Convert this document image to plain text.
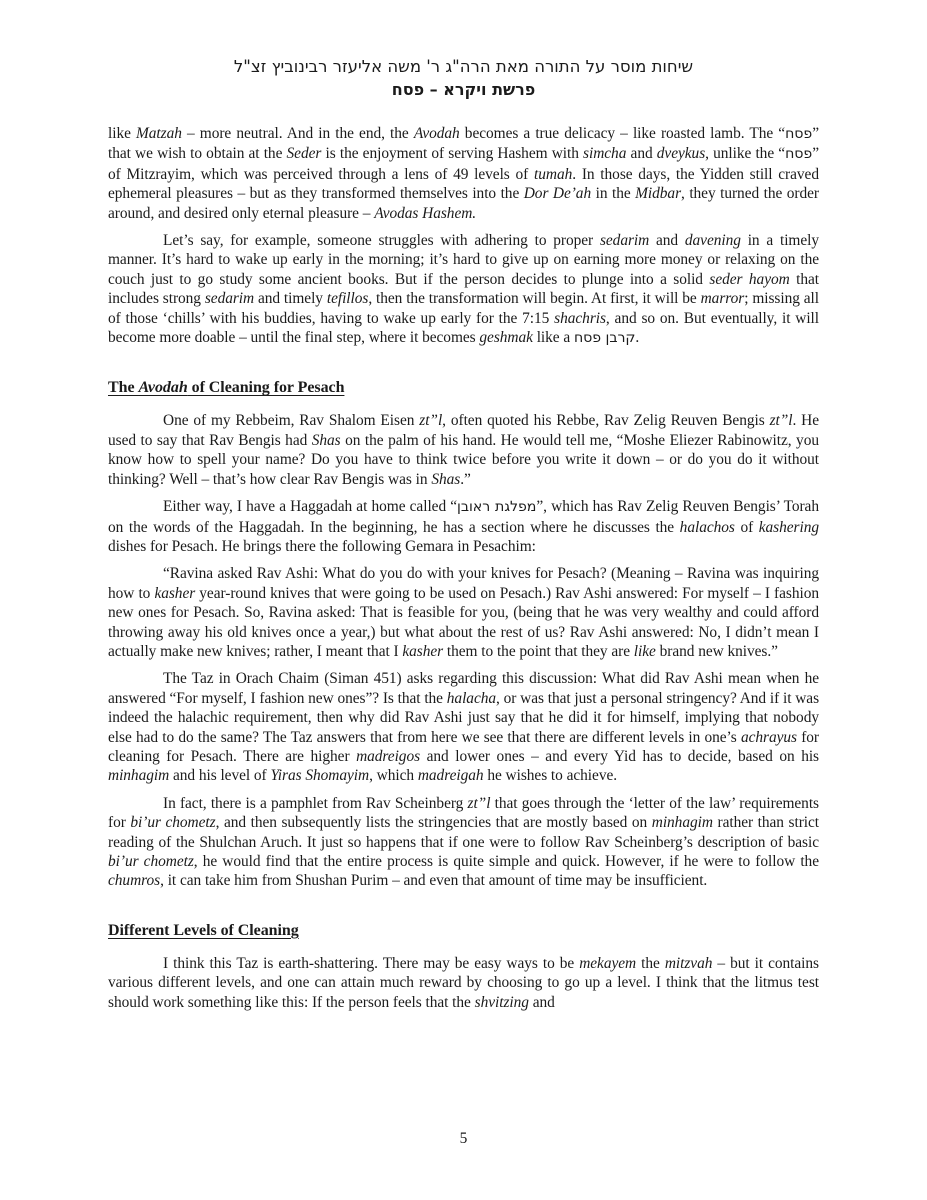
שיחות מוסר על התורה מאת הרה"ג ר' משה אליעזר רבינוביץ זצ"ל
פרשת ויקרא – פסח

like Matzah – more neutral. And in the end, the Avodah becomes a true delicacy – like roasted lamb. The “פסח” that we wish to obtain at the Seder is the enjoyment of serving Hashem with simcha and dveykus, unlike the “פסח” of Mitzrayim, which was perceived through a lens of 49 levels of tumah. In those days, the Yidden still craved ephemeral pleasures – but as they transformed themselves into the Dor De’ah in the Midbar, they turned the order around, and desired only eternal pleasure – Avodas Hashem.

Let’s say, for example, someone struggles with adhering to proper sedarim and davening in a timely manner. It’s hard to wake up early in the morning; it’s hard to give up on earning more money or relaxing on the couch just to go study some ancient books. But if the person decides to plunge into a solid seder hayom that includes strong sedarim and timely tefillos, then the transformation will begin. At first, it will be marror; missing all of those ‘chills’ with his buddies, having to wake up early for the 7:15 shachris, and so on. But eventually, it will become more doable – until the final step, where it becomes geshmak like a קרבן פסח.

The Avodah of Cleaning for Pesach

One of my Rebbeim, Rav Shalom Eisen zt”l, often quoted his Rebbe, Rav Zelig Reuven Bengis zt”l. He used to say that Rav Bengis had Shas on the palm of his hand. He would tell me, “Moshe Eliezer Rabinowitz, you know how to spell your name? Do you have to think twice before you write it down – or do you do it without thinking? Well – that’s how clear Rav Bengis was in Shas.”

Either way, I have a Haggadah at home called “מפלגת ראובן”, which has Rav Zelig Reuven Bengis’ Torah on the words of the Haggadah. In the beginning, he has a section where he discusses the halachos of kashering dishes for Pesach. He brings there the following Gemara in Pesachim:

“Ravina asked Rav Ashi: What do you do with your knives for Pesach? (Meaning – Ravina was inquiring how to kasher year-round knives that were going to be used on Pesach.) Rav Ashi answered: For myself – I fashion new ones for Pesach. So, Ravina asked: That is feasible for you, (being that he was very wealthy and could afford throwing away his old knives once a year,) but what about the rest of us? Rav Ashi answered: No, I didn’t mean I actually make new knives; rather, I meant that I kasher them to the point that they are like brand new knives.”

The Taz in Orach Chaim (Siman 451) asks regarding this discussion: What did Rav Ashi mean when he answered “For myself, I fashion new ones”? Is that the halacha, or was that just a personal stringency? And if it was indeed the halachic requirement, then why did Rav Ashi just say that he did it for himself, implying that nobody else had to do the same? The Taz answers that from here we see that there are different levels in one’s achrayus for cleaning for Pesach. There are higher madreigos and lower ones – and every Yid has to decide, based on his minhagim and his level of Yiras Shomayim, which madreigah he wishes to achieve.

In fact, there is a pamphlet from Rav Scheinberg zt”l that goes through the ‘letter of the law’ requirements for bi’ur chometz, and then subsequently lists the stringencies that are mostly based on minhagim rather than strict reading of the Shulchan Aruch. It just so happens that if one were to follow Rav Scheinberg’s description of basic bi’ur chometz, he would find that the entire process is quite simple and quick. However, if he were to follow the chumros, it can take him from Shushan Purim – and even that amount of time may be insufficient.

Different Levels of Cleaning

I think this Taz is earth-shattering. There may be easy ways to be mekayem the mitzvah – but it contains various different levels, and one can attain much reward by choosing to go up a level. I think that the litmus test should work something like this: If the person feels that the shvitzing and

5
